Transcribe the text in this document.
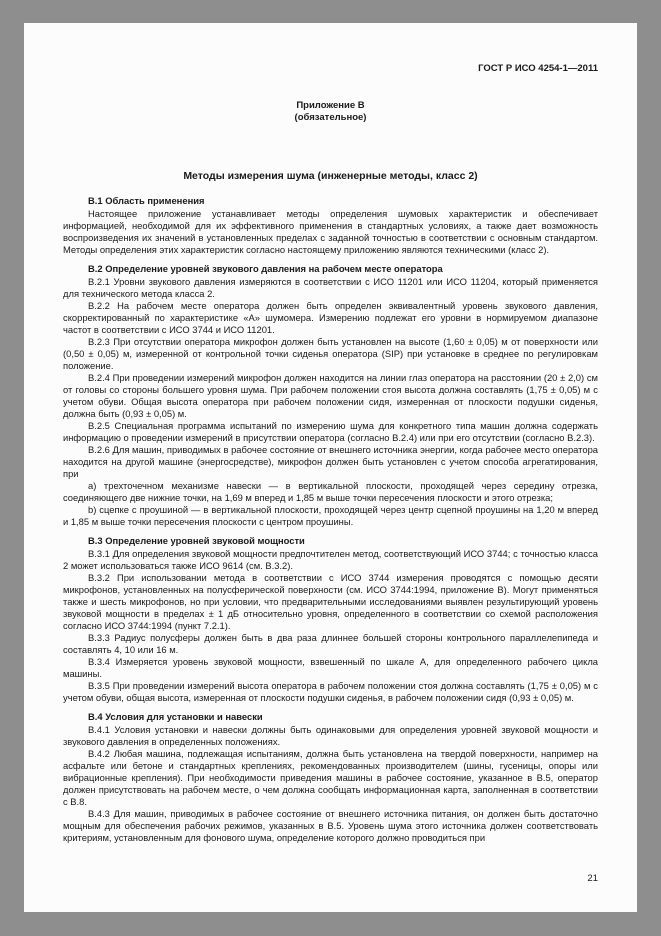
ГОСТ Р ИСО 4254-1—2011
Приложение В
(обязательное)
Методы измерения шума (инженерные методы, класс 2)
В.1 Область применения

Настоящее приложение устанавливает методы определения шумовых характеристик и обеспечивает информацией, необходимой для их эффективного применения в стандартных условиях, а также дает возможность воспроизведения их значений в установленных пределах с заданной точностью в соответствии с основным стандартом. Методы определения этих характеристик согласно настоящему приложению являются техническими (класс 2).

В.2 Определение уровней звукового давления на рабочем месте оператора

В.2.1 Уровни звукового давления измеряются в соответствии с ИСО 11201 или ИСО 11204, который применяется для технического метода класса 2.

В.2.2 На рабочем месте оператора должен быть определен эквивалентный уровень звукового давления, скорректированный по характеристике «А» шумомера. Измерению подлежат его уровни в нормируемом диапазоне частот в соответствии с ИСО 3744 и ИСО 11201.

В.2.3 При отсутствии оператора микрофон должен быть установлен на высоте (1,60 ± 0,05) м от поверхности или (0,50 ± 0,05) м, измеренной от контрольной точки сиденья оператора (SIP) при установке в среднее по регулировкам положение.

В.2.4 При проведении измерений микрофон должен находится на линии глаз оператора на расстоянии (20 ± 2,0) см от головы со стороны большего уровня шума. При рабочем положении стоя высота должна составлять (1,75 ± 0,05) м с учетом обуви. Общая высота оператора при рабочем положении сидя, измеренная от плоскости подушки сиденья, должна быть (0,93 ± 0,05) м.

В.2.5 Специальная программа испытаний по измерению шума для конкретного типа машин должна содержать информацию о проведении измерений в присутствии оператора (согласно В.2.4) или при его отсутствии (согласно В.2.3).

В.2.6 Для машин, приводимых в рабочее состояние от внешнего источника энергии, когда рабочее место оператора находится на другой машине (энергосредстве), микрофон должен быть установлен с учетом способа агрегатирования, при

а) трехточечном механизме навески — в вертикальной плоскости, проходящей через середину отрезка, соединяющего две нижние точки, на 1,69 м вперед и 1,85 м выше точки пересечения плоскости и этого отрезка;

b) сцепке с проушиной — в вертикальной плоскости, проходящей через центр сцепной проушины на 1,20 м вперед и 1,85 м выше точки пересечения плоскости с центром проушины.

В.3 Определение уровней звуковой мощности

В.3.1 Для определения звуковой мощности предпочтителен метод, соответствующий ИСО 3744; с точностью класса 2 может использоваться также ИСО 9614 (см. В.3.2).

В.3.2 При использовании метода в соответствии с ИСО 3744 измерения проводятся с помощью десяти микрофонов, установленных на полусферической поверхности (см. ИСО 3744:1994, приложение В). Могут применяться также и шесть микрофонов, но при условии, что предварительными исследованиями выявлен результирующий уровень звуковой мощности в пределах ± 1 дБ относительно уровня, определенного в соответствии со схемой расположения согласно ИСО 3744:1994 (пункт 7.2.1).

В.3.3 Радиус полусферы должен быть в два раза длиннее большей стороны контрольного параллелепипеда и составлять 4, 10 или 16 м.

В.3.4 Измеряется уровень звуковой мощности, взвешенный по шкале А, для определенного рабочего цикла машины.

В.3.5 При проведении измерений высота оператора в рабочем положении стоя должна составлять (1,75 ± 0,05) м с учетом обуви, общая высота, измеренная от плоскости подушки сиденья, в рабочем положении сидя (0,93 ± 0,05) м.

В.4 Условия для установки и навески

В.4.1 Условия установки и навески должны быть одинаковыми для определения уровней звуковой мощности и звукового давления в определенных положениях.

В.4.2 Любая машина, подлежащая испытаниям, должна быть установлена на твердой поверхности, например на асфальте или бетоне и стандартных креплениях, рекомендованных производителем (шины, гусеницы, опоры или вибрационные крепления). При необходимости приведения машины в рабочее состояние, указанное в В.5, оператор должен присутствовать на рабочем месте, о чем должна сообщать информационная карта, заполненная в соответствии с В.8.

В.4.3 Для машин, приводимых в рабочее состояние от внешнего источника питания, он должен быть достаточно мощным для обеспечения рабочих режимов, указанных в В.5. Уровень шума этого источника должен соответствовать критериям, установленным для фонового шума, определение которого должно проводиться при

21
